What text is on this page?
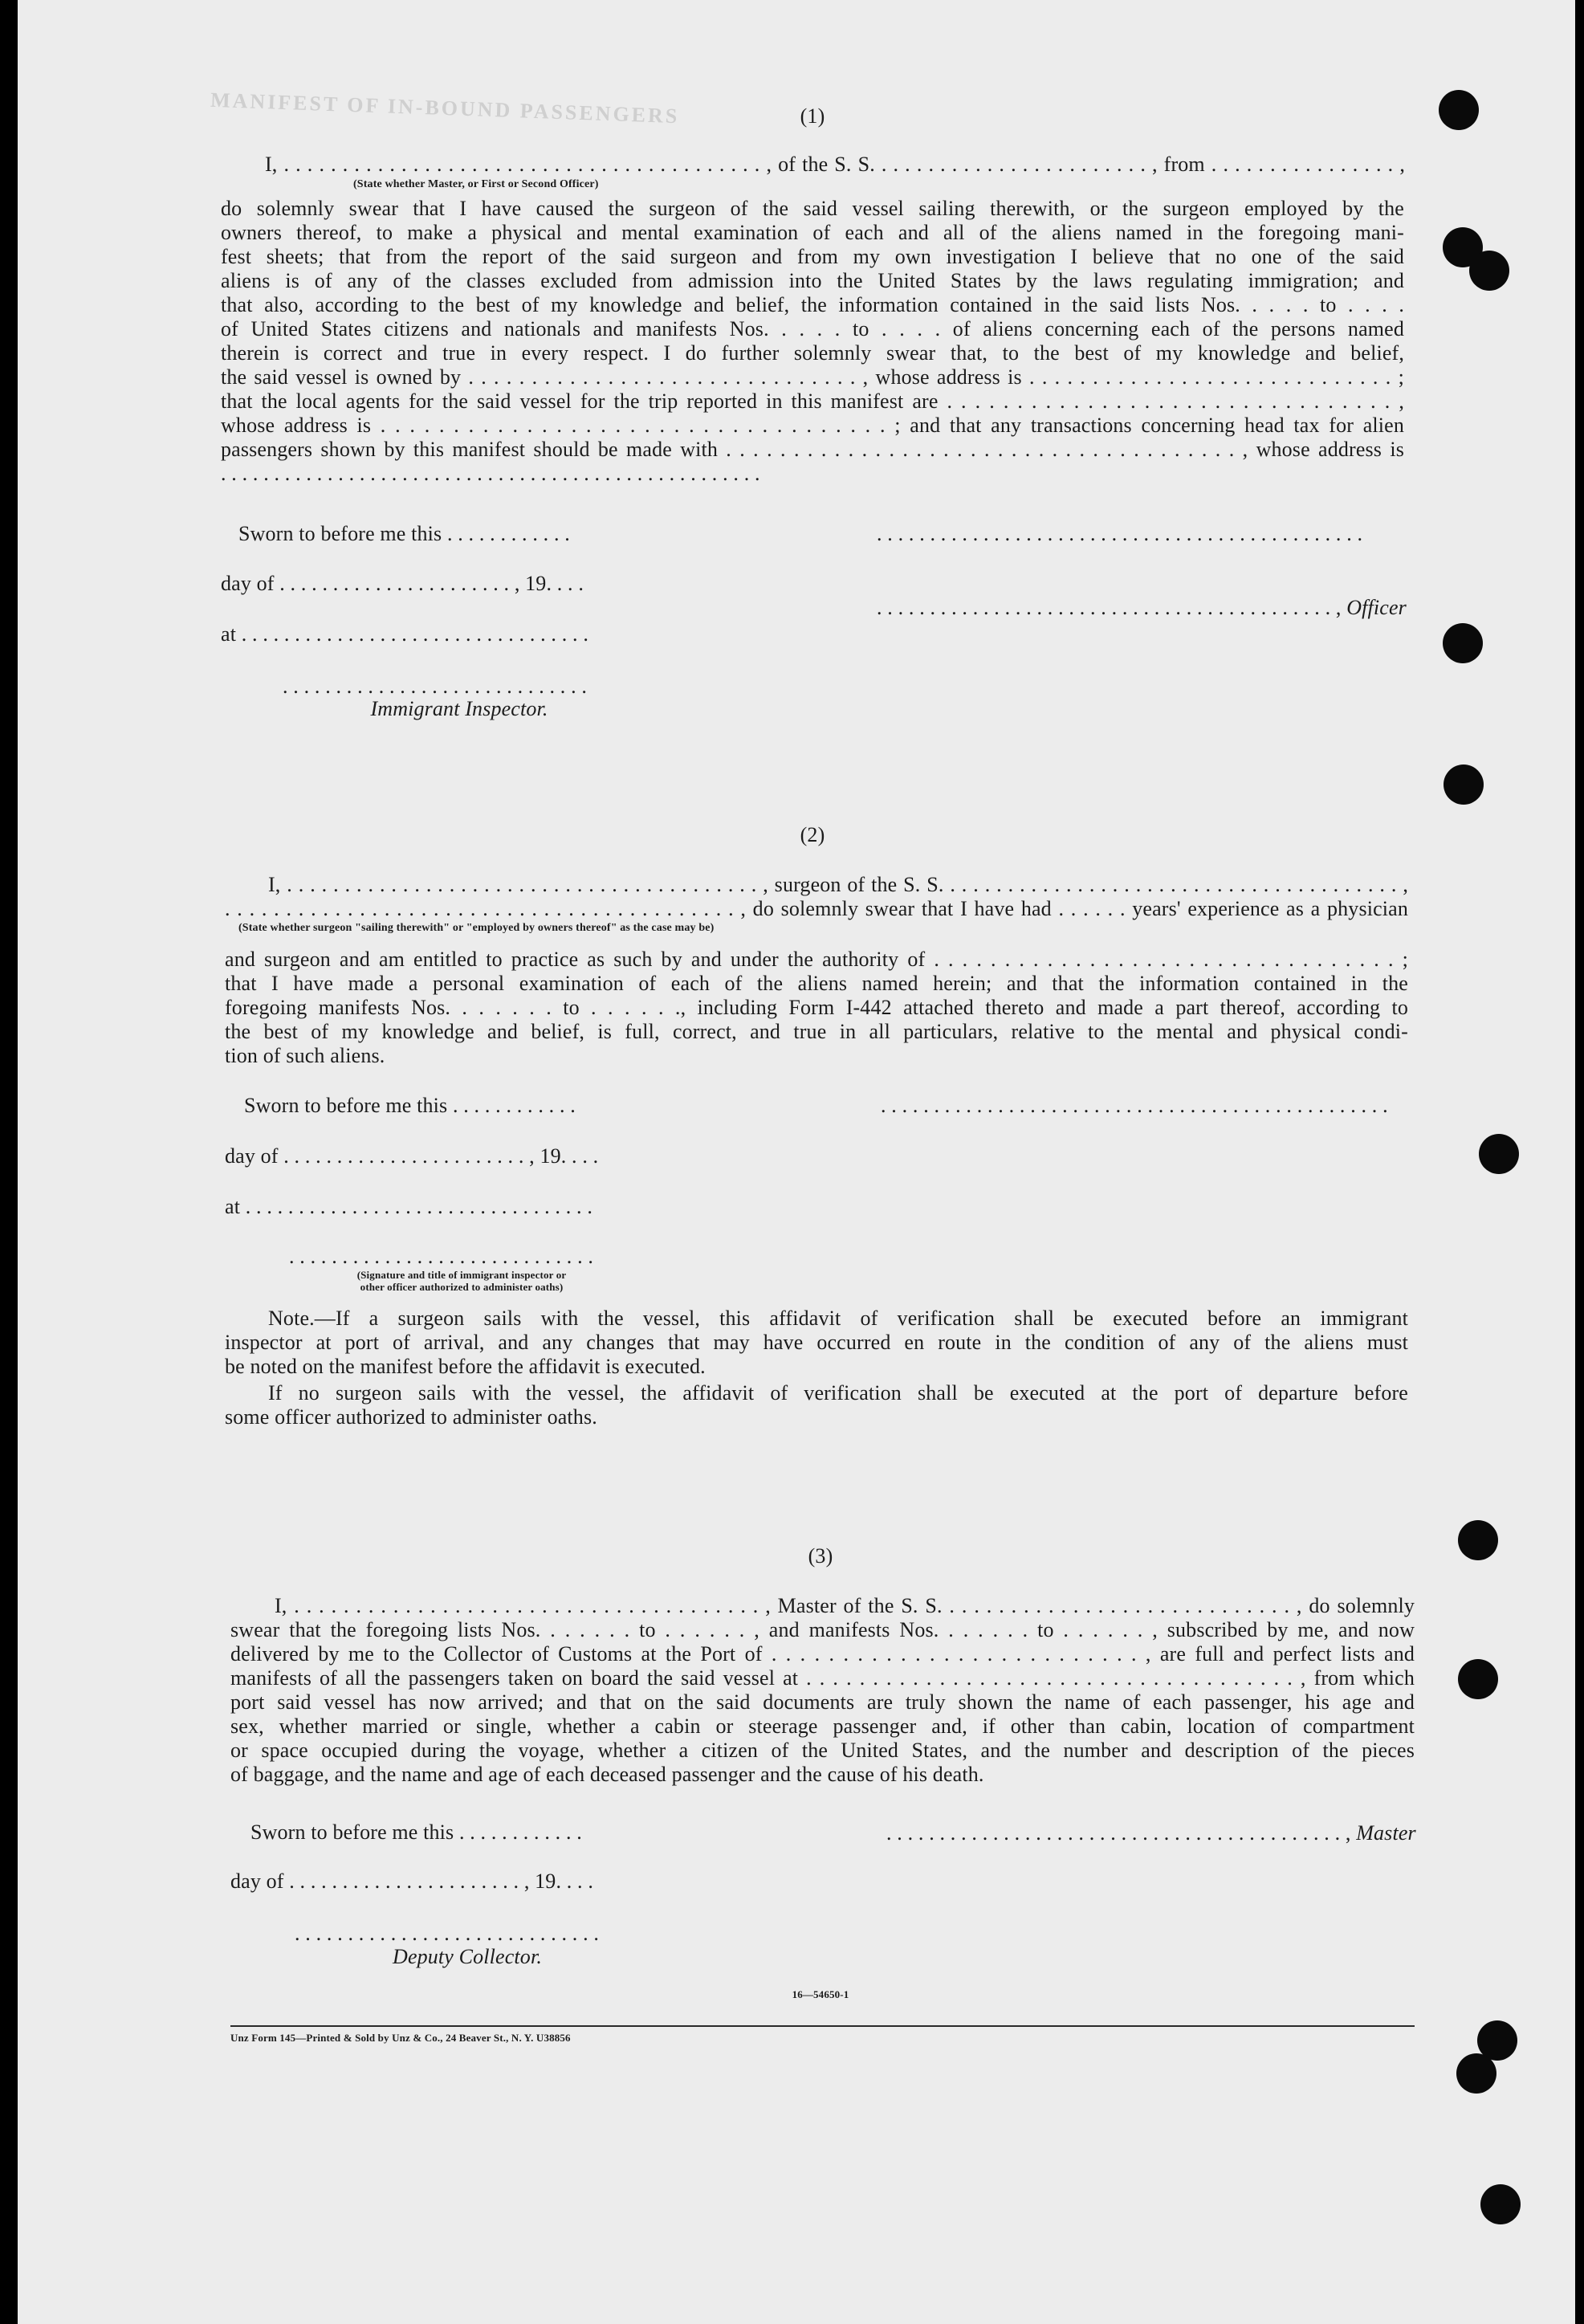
MANIFEST OF IN-BOUND PASSENGERS	(1)
I, . . . . . . . . . . . . . . . . . . . . . . . . . . . . . . . . . . . . . . . . . , of the S. S. . . . . . . . . . . . . . . . . . . . . . . . , from . . . . . . . . . . . . . . . . ,
(State whether Master, or First or Second Officer)
do solemnly swear that I have caused the surgeon of the said vessel sailing therewith, or the surgeon employed by the
owners thereof, to make a physical and mental examination of each and all of the aliens named in the foregoing mani-
fest sheets; that from the report of the said surgeon and from my own investigation I believe that no one of the said
aliens is of any of the classes excluded from admission into the United States by the laws regulating immigration; and
that also, according to the best of my knowledge and belief, the information contained in the said lists Nos. . . . . to . . . .
of United States citizens and nationals and manifests Nos. . . . . to . . . . of aliens concerning each of the persons named
therein is correct and true in every respect. I do further solemnly swear that, to the best of my knowledge and belief,
the said vessel is owned by . . . . . . . . . . . . . . . . . . . . . . . . . . . . . . . , whose address is . . . . . . . . . . . . . . . . . . . . . . . . . . . . . ;
that the local agents for the said vessel for the trip reported in this manifest are . . . . . . . . . . . . . . . . . . . . . . . . . . . . . . . . ,
whose address is . . . . . . . . . . . . . . . . . . . . . . . . . . . . . . . . . . . ; and that any transactions concerning head tax for alien
passengers shown by this manifest should be made with . . . . . . . . . . . . . . . . . . . . . . . . . . . . . . . . . . . . . . , whose address is
. . . . . . . . . . . . . . . . . . . . . . . . . . . . . . . . . . . . . . . . . . . . . . . . . . .
Sworn to before me this . . . . . . . . . . . .	. . . . . . . . . . . . . . . . . . . . . . . . . . . . . . . . . . . . . . . . . . . . . .
day of . . . . . . . . . . . . . . . . . . . . . . , 19. . . .
. . . . . . . . . . . . . . . . . . . . . . . . . . . . . . . . . . . . . . . . . . . , Officer
at . . . . . . . . . . . . . . . . . . . . . . . . . . . . . . . . .
. . . . . . . . . . . . . . . . . . . . . . . . . . . . .
Immigrant Inspector.
(2)
I, . . . . . . . . . . . . . . . . . . . . . . . . . . . . . . . . . . . . . . . . . , surgeon of the S. S. . . . . . . . . . . . . . . . . . . . . . . . . . . . . . . . . . . . . . . . ,
. . . . . . . . . . . . . . . . . . . . . . . . . . . . . . . . . . . . . . . . . . , do solemnly swear that I have had . . . . . . years' experience as a physician
(State whether surgeon "sailing therewith" or "employed by owners thereof" as the case may be)
and surgeon and am entitled to practice as such by and under the authority of . . . . . . . . . . . . . . . . . . . . . . . . . . . . . . . . . ;
that I have made a personal examination of each of the aliens named herein; and that the information contained in the
foregoing manifests Nos. . . . . . . to . . . . . ., including Form I-442 attached thereto and made a part thereof, according to
the best of my knowledge and belief, is full, correct, and true in all particulars, relative to the mental and physical condi-
tion of such aliens.
Sworn to before me this . . . . . . . . . . . .	. . . . . . . . . . . . . . . . . . . . . . . . . . . . . . . . . . . . . . . . . . . . . . . .
day of . . . . . . . . . . . . . . . . . . . . . . . , 19. . . .
at . . . . . . . . . . . . . . . . . . . . . . . . . . . . . . . . .
. . . . . . . . . . . . . . . . . . . . . . . . . . . . .
(Signature and title of immigrant inspector or
other officer authorized to administer oaths)
Note.—If a surgeon sails with the vessel, this affidavit of verification shall be executed before an immigrant
inspector at port of arrival, and any changes that may have occurred en route in the condition of any of the aliens must
be noted on the manifest before the affidavit is executed.
If no surgeon sails with the vessel, the affidavit of verification shall be executed at the port of departure before
some officer authorized to administer oaths.
(3)
I, . . . . . . . . . . . . . . . . . . . . . . . . . . . . . . . . . . . . . . , Master of the S. S. . . . . . . . . . . . . . . . . . . . . . . . . . . . . , do solemnly
swear that the foregoing lists Nos. . . . . . . to . . . . . . , and manifests Nos. . . . . . . to . . . . . . , subscribed by me, and now
delivered by me to the Collector of Customs at the Port of . . . . . . . . . . . . . . . . . . . . . . . . . . , are full and perfect lists and
manifests of all the passengers taken on board the said vessel at . . . . . . . . . . . . . . . . . . . . . . . . . . . . . . . . . . . . . , from which
port said vessel has now arrived; and that on the said documents are truly shown the name of each passenger, his age and
sex, whether married or single, whether a cabin or steerage passenger and, if other than cabin, location of compartment
or space occupied during the voyage, whether a citizen of the United States, and the number and description of the pieces
of baggage, and the name and age of each deceased passenger and the cause of his death.
Sworn to before me this . . . . . . . . . . . .	. . . . . . . . . . . . . . . . . . . . . . . . . . . . . . . . . . . . . . . . . . . , Master
day of . . . . . . . . . . . . . . . . . . . . . . , 19. . . .
. . . . . . . . . . . . . . . . . . . . . . . . . . . . .
Deputy Collector.
16—54650-1
Unz Form 145—Printed & Sold by Unz & Co., 24 Beaver St., N. Y. U38856
